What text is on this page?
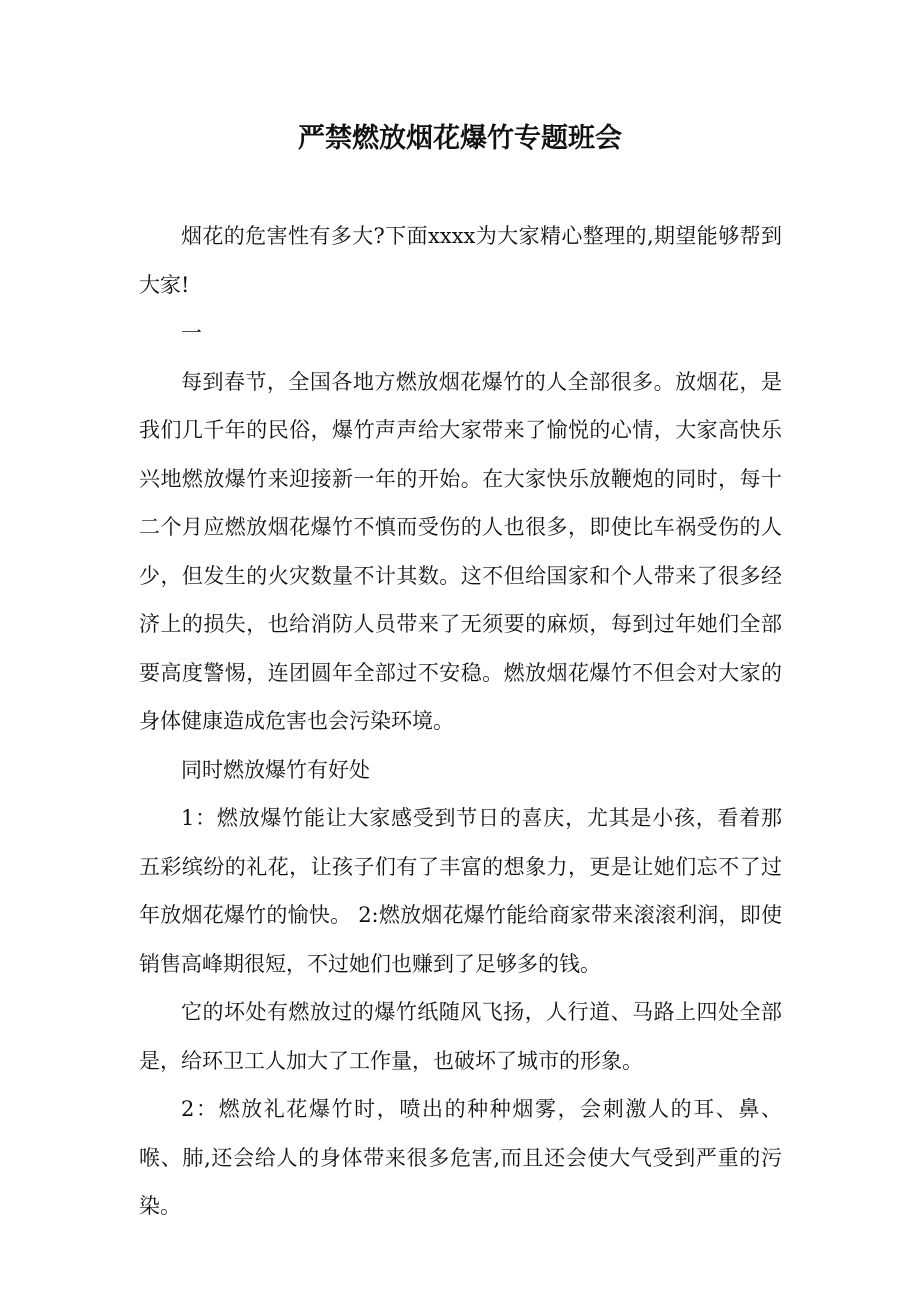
严禁燃放烟花爆竹专题班会

烟花的危害性有多大?下面xxxx为大家精心整理的,期望能够帮到大家!

一

每到春节，全国各地方燃放烟花爆竹的人全部很多。放烟花，是我们几千年的民俗，爆竹声声给大家带来了愉悦的心情，大家高快乐兴地燃放爆竹来迎接新一年的开始。在大家快乐放鞭炮的同时，每十二个月应燃放烟花爆竹不慎而受伤的人也很多，即使比车祸受伤的人少，但发生的火灾数量不计其数。这不但给国家和个人带来了很多经济上的损失，也给消防人员带来了无须要的麻烦，每到过年她们全部要高度警惕，连团圆年全部过不安稳。燃放烟花爆竹不但会对大家的身体健康造成危害也会污染环境。

同时燃放爆竹有好处

1：燃放爆竹能让大家感受到节日的喜庆，尤其是小孩，看着那五彩缤纷的礼花，让孩子们有了丰富的想象力，更是让她们忘不了过年放烟花爆竹的愉快。 2:燃放烟花爆竹能给商家带来滚滚利润，即使销售高峰期很短，不过她们也赚到了足够多的钱。

它的坏处有燃放过的爆竹纸随风飞扬，人行道、马路上四处全部是，给环卫工人加大了工作量，也破坏了城市的形象。

2：燃放礼花爆竹时，喷出的种种烟雾，会刺激人的耳、鼻、喉、肺,还会给人的身体带来很多危害,而且还会使大气受到严重的污染。
